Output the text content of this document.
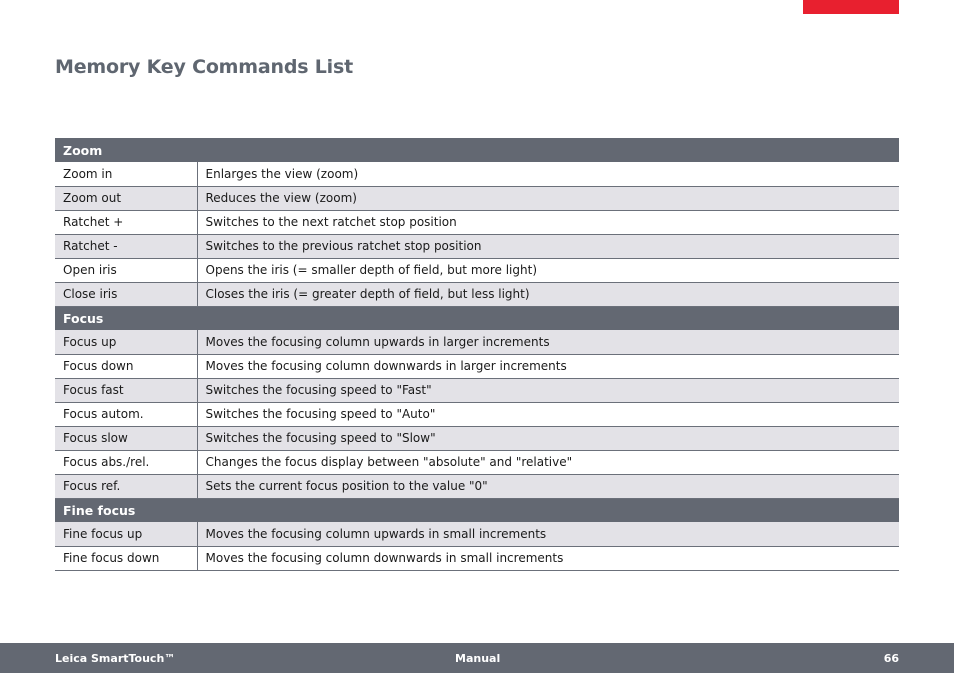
Memory Key Commands List
Zoom	
Zoom in	Enlarges the view (zoom)
Zoom out	Reduces the view (zoom)
Ratchet +	Switches to the next ratchet stop position
Ratchet -	Switches to the previous ratchet stop position
Open iris	Opens the iris (= smaller depth of field, but more light)
Close iris	Closes the iris (= greater depth of field, but less light)
Focus	
Focus up	Moves the focusing column upwards in larger increments
Focus down	Moves the focusing column downwards in larger increments
Focus fast	Switches the focusing speed to "Fast"
Focus autom.	Switches the focusing speed to "Auto"
Focus slow	Switches the focusing speed to "Slow"
Focus abs./rel.	Changes the focus display between "absolute" and "relative"
Focus ref.	Sets the current focus position to the value "0"
Fine focus	
Fine focus up	Moves the focusing column upwards in small increments
Fine focus down	Moves the focusing column downwards in small increments
Leica SmartTouch™	Manual	66
